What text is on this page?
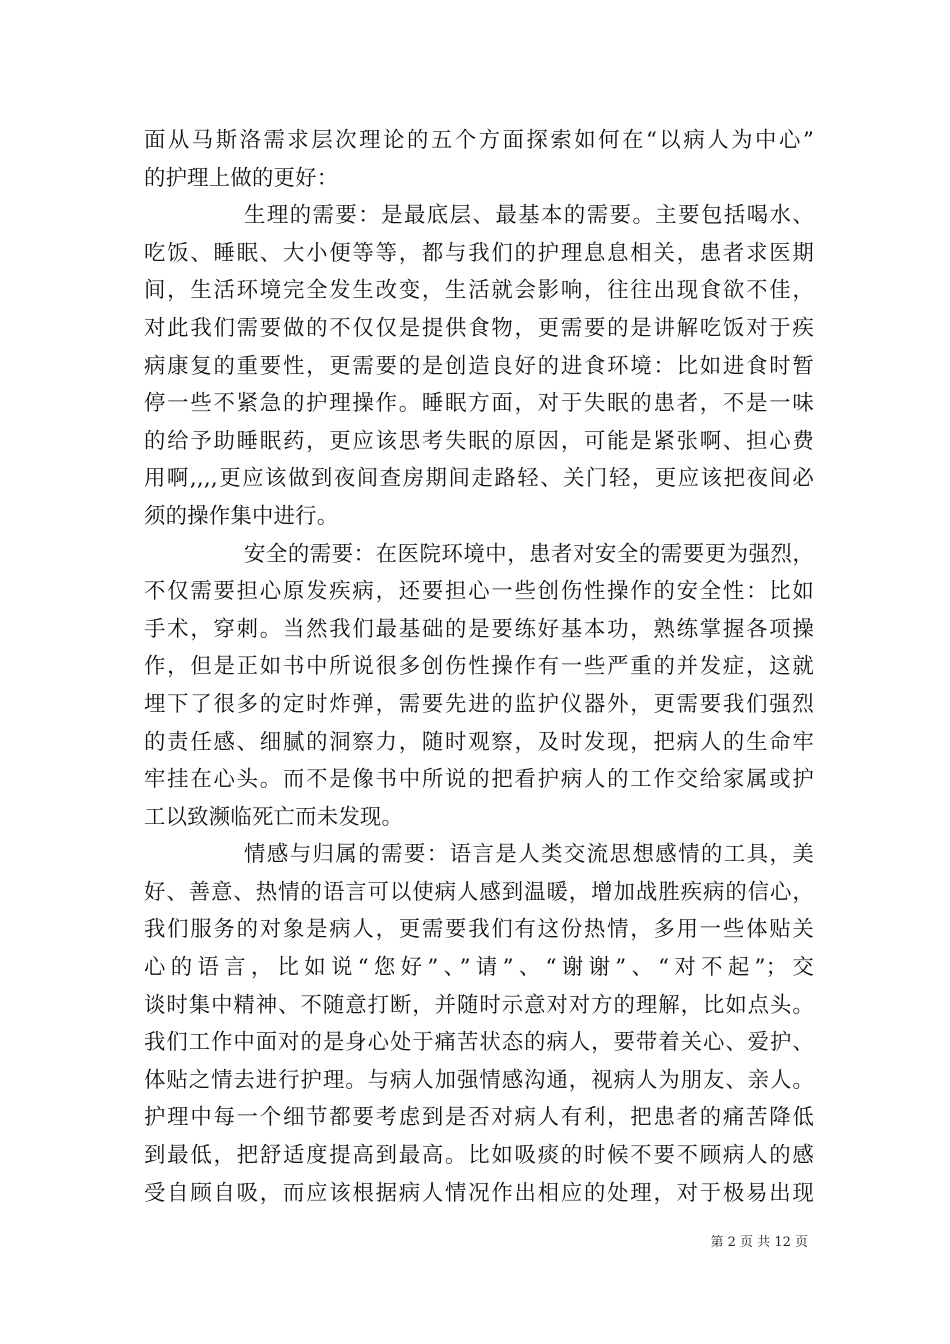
面从马斯洛需求层次理论的五个方面探索如何在“以病人为中心”
的护理上做的更好：
生理的需要：是最底层、最基本的需要。主要包括喝水、
吃饭、睡眠、大小便等等，都与我们的护理息息相关，患者求医期
间，生活环境完全发生改变，生活就会影响，往往出现食欲不佳，
对此我们需要做的不仅仅是提供食物，更需要的是讲解吃饭对于疾
病康复的重要性，更需要的是创造良好的进食环境：比如进食时暂
停一些不紧急的护理操作。睡眠方面，对于失眠的患者，不是一味
的给予助睡眠药，更应该思考失眠的原因，可能是紧张啊、担心费
用啊,,,,更应该做到夜间查房期间走路轻、关门轻，更应该把夜间必
须的操作集中进行。
安全的需要：在医院环境中，患者对安全的需要更为强烈，
不仅需要担心原发疾病，还要担心一些创伤性操作的安全性：比如
手术，穿刺。当然我们最基础的是要练好基本功，熟练掌握各项操
作，但是正如书中所说很多创伤性操作有一些严重的并发症，这就
埋下了很多的定时炸弹，需要先进的监护仪器外，更需要我们强烈
的责任感、细腻的洞察力，随时观察，及时发现，把病人的生命牢
牢挂在心头。而不是像书中所说的把看护病人的工作交给家属或护
工以致濒临死亡而未发现。
情感与归属的需要：语言是人类交流思想感情的工具，美
好、善意、热情的语言可以使病人感到温暖，增加战胜疾病的信心，
我们服务的对象是病人，更需要我们有这份热情，多用一些体贴关
心的语言，比如说“您好”、”请”、“谢谢”、“对不起”；交
谈时集中精神、不随意打断，并随时示意对对方的理解，比如点头。
我们工作中面对的是身心处于痛苦状态的病人，要带着关心、爱护、
体贴之情去进行护理。与病人加强情感沟通，视病人为朋友、亲人。
护理中每一个细节都要考虑到是否对病人有利，把患者的痛苦降低
到最低，把舒适度提高到最高。比如吸痰的时候不要不顾病人的感
受自顾自吸，而应该根据病人情况作出相应的处理，对于极易出现
第 2 页 共 12 页
